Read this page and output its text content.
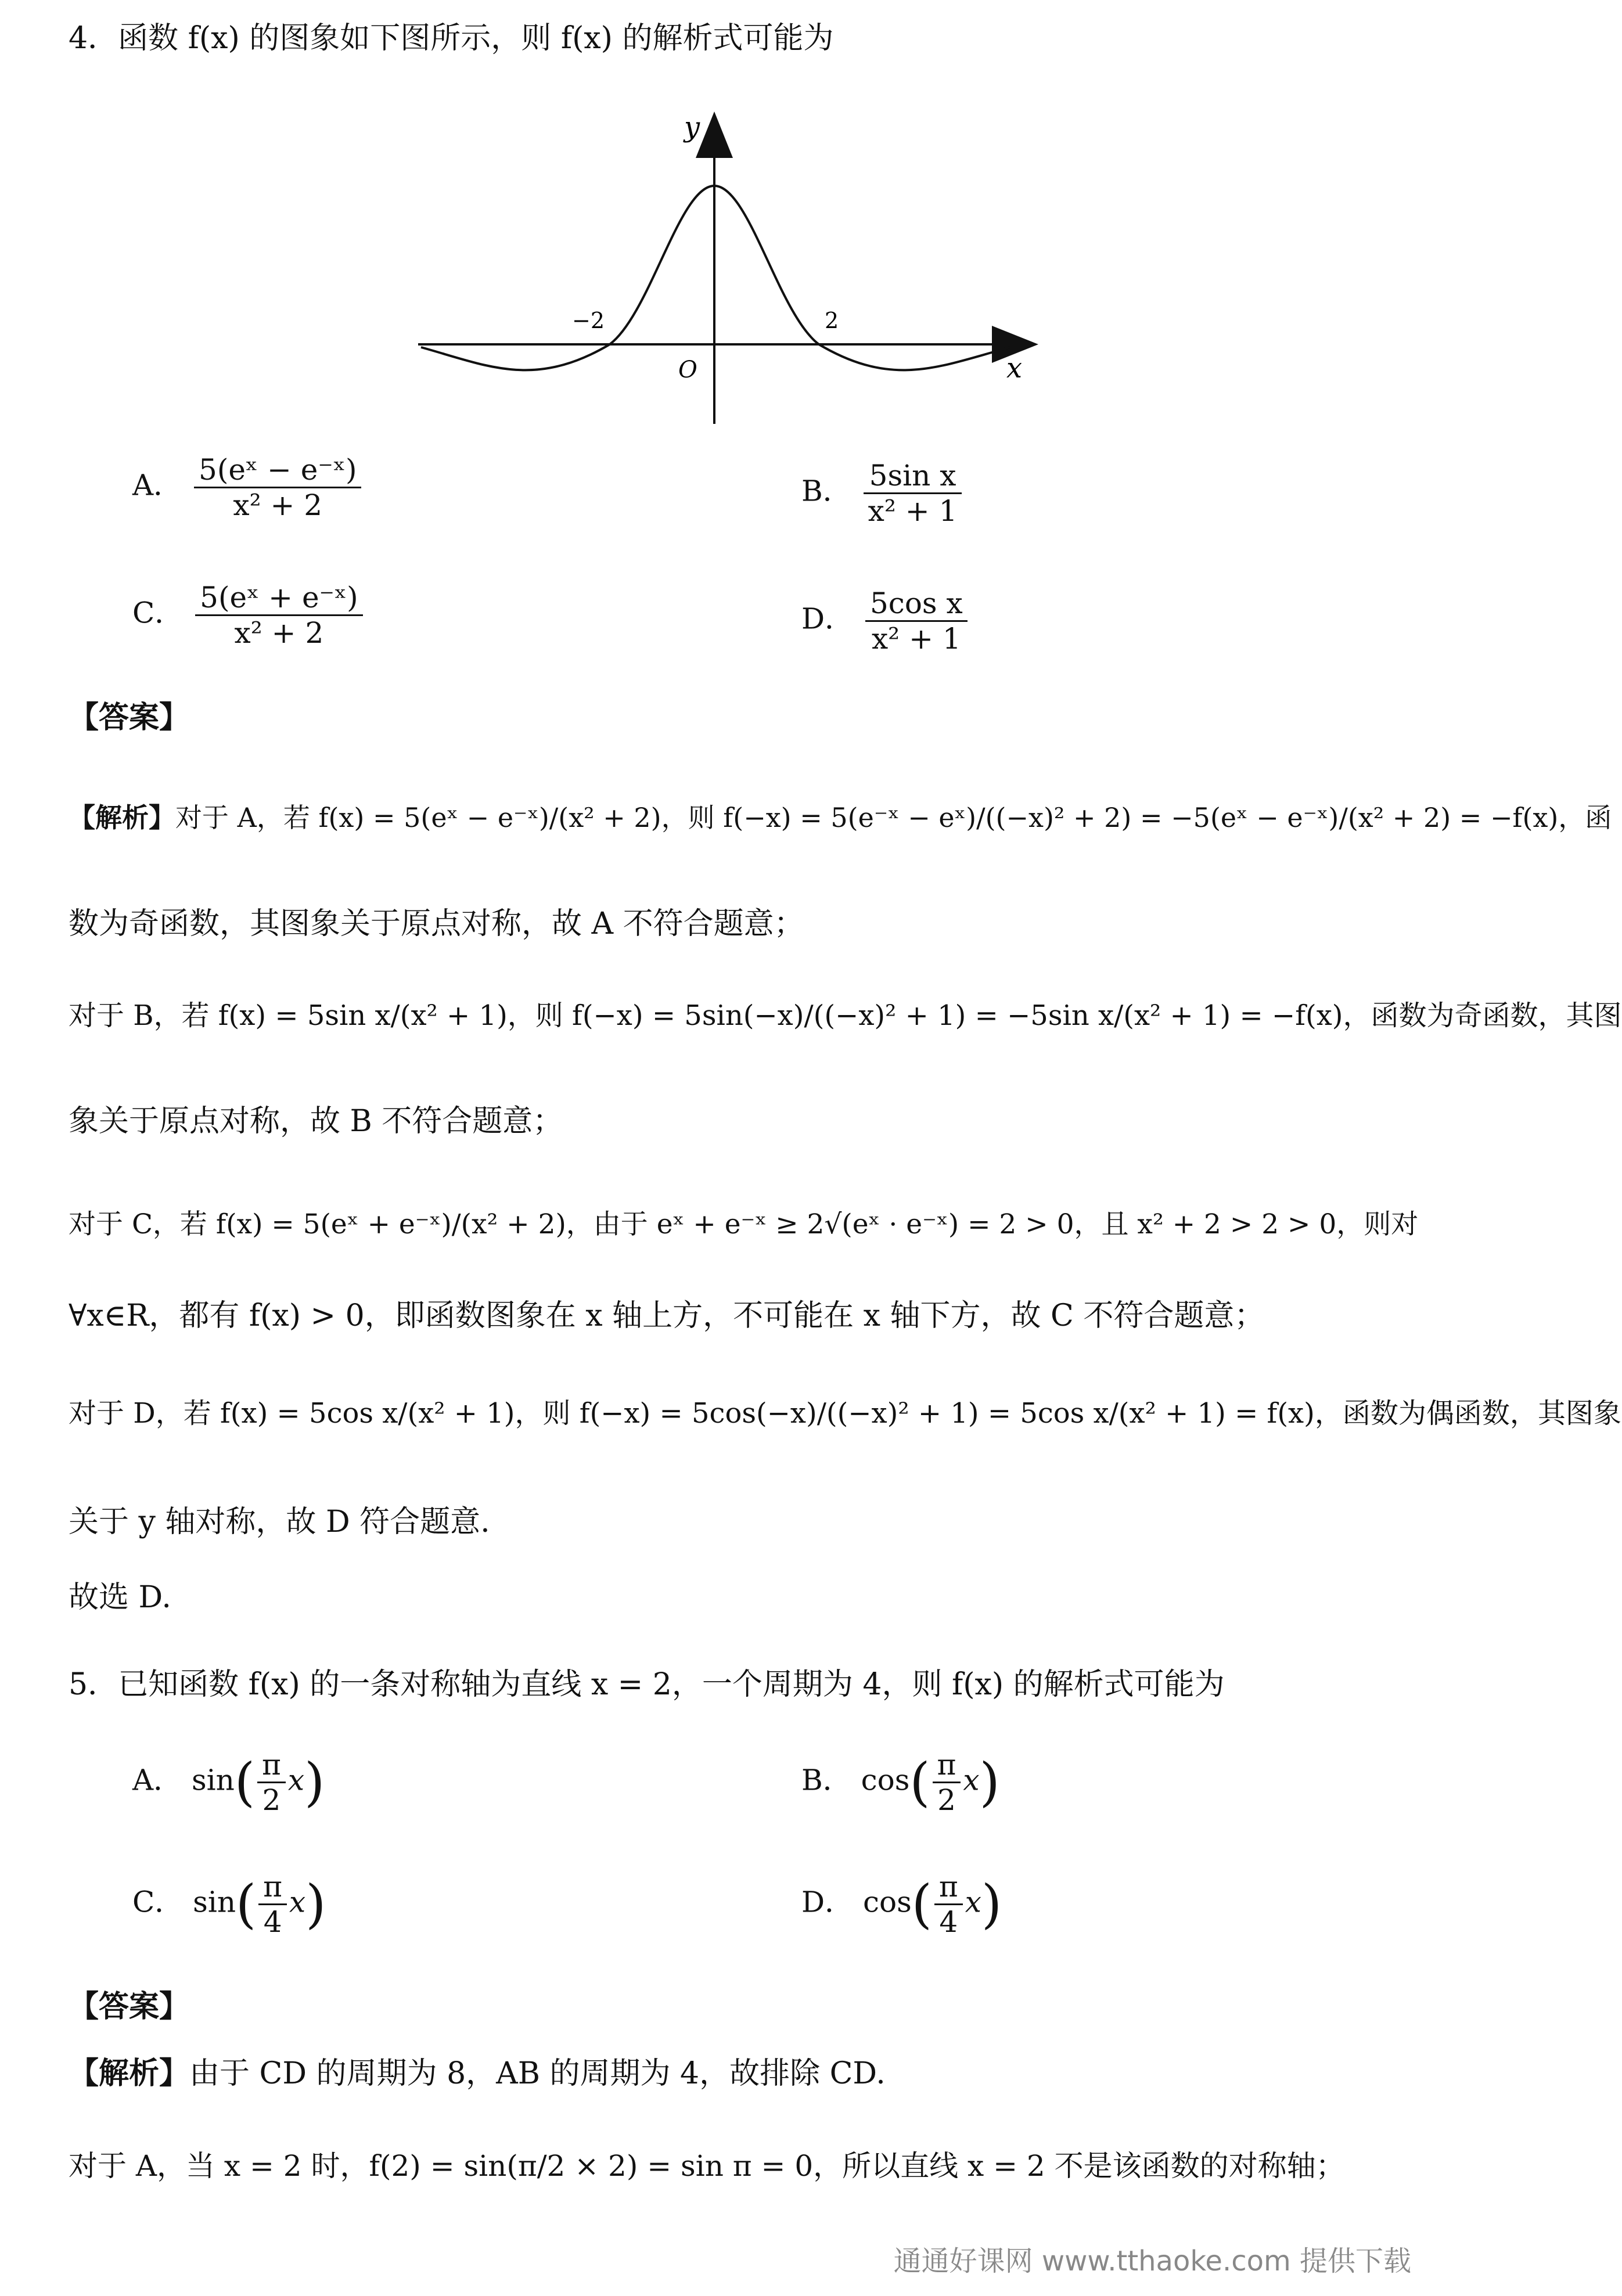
4．函数 f(x) 的图象如下图所示，则 f(x) 的解析式可能为
y
x
O
−2	2
A． $\frac{\text{5(eˣ − e⁻ˣ)}}{\text{x² + 2}}$	B． $\frac{\text{5sin x}}{\text{x² + 1}}$
C． $\frac{\text{5(eˣ + e⁻ˣ)}}{\text{x² + 2}}$	D． $\frac{\text{5cos x}}{\text{x² + 1}}$
【答案】
【解析】对于 A，若 f(x) = 5(eˣ − e⁻ˣ)/(x² + 2)，则 f(−x) = 5(e⁻ˣ − eˣ)/((−x)² + 2) = −5(eˣ − e⁻ˣ)/(x² + 2) = −f(x)，函
数为奇函数，其图象关于原点对称，故 A 不符合题意；
对于 B，若 f(x) = 5sin x/(x² + 1)，则 f(−x) = 5sin(−x)/((−x)² + 1) = −5sin x/(x² + 1) = −f(x)，函数为奇函数，其图
象关于原点对称，故 B 不符合题意；
对于 C，若 f(x) = 5(eˣ + e⁻ˣ)/(x² + 2)，由于 eˣ + e⁻ˣ ≥ 2√(eˣ · e⁻ˣ) = 2 > 0，且 x² + 2 > 2 > 0，则对
∀x∈R，都有 f(x) > 0，即函数图象在 x 轴上方，不可能在 x 轴下方，故 C 不符合题意；
对于 D，若 f(x) = 5cos x/(x² + 1)，则 f(−x) = 5cos(−x)/((−x)² + 1) = 5cos x/(x² + 1) = f(x)，函数为偶函数，其图象
关于 y 轴对称，故 D 符合题意.
故选 D.
5．已知函数 f(x) 的一条对称轴为直线 x = 2，一个周期为 4，则 f(x) 的解析式可能为
A． $\sin( \frac{\pi}{2} x)$	B． $\cos( \frac{\pi}{2} x)$
C． $\sin( \frac{\pi}{4} x)$	D． $\cos( \frac{\pi}{4} x)$
【答案】
【解析】由于 CD 的周期为 8，AB 的周期为 4，故排除 CD.
对于 A，当 x = 2 时，f(2) = sin(π/2 × 2) = sin π = 0，所以直线 x = 2 不是该函数的对称轴；
通通好课网 www.tthaoke.com 提供下载
